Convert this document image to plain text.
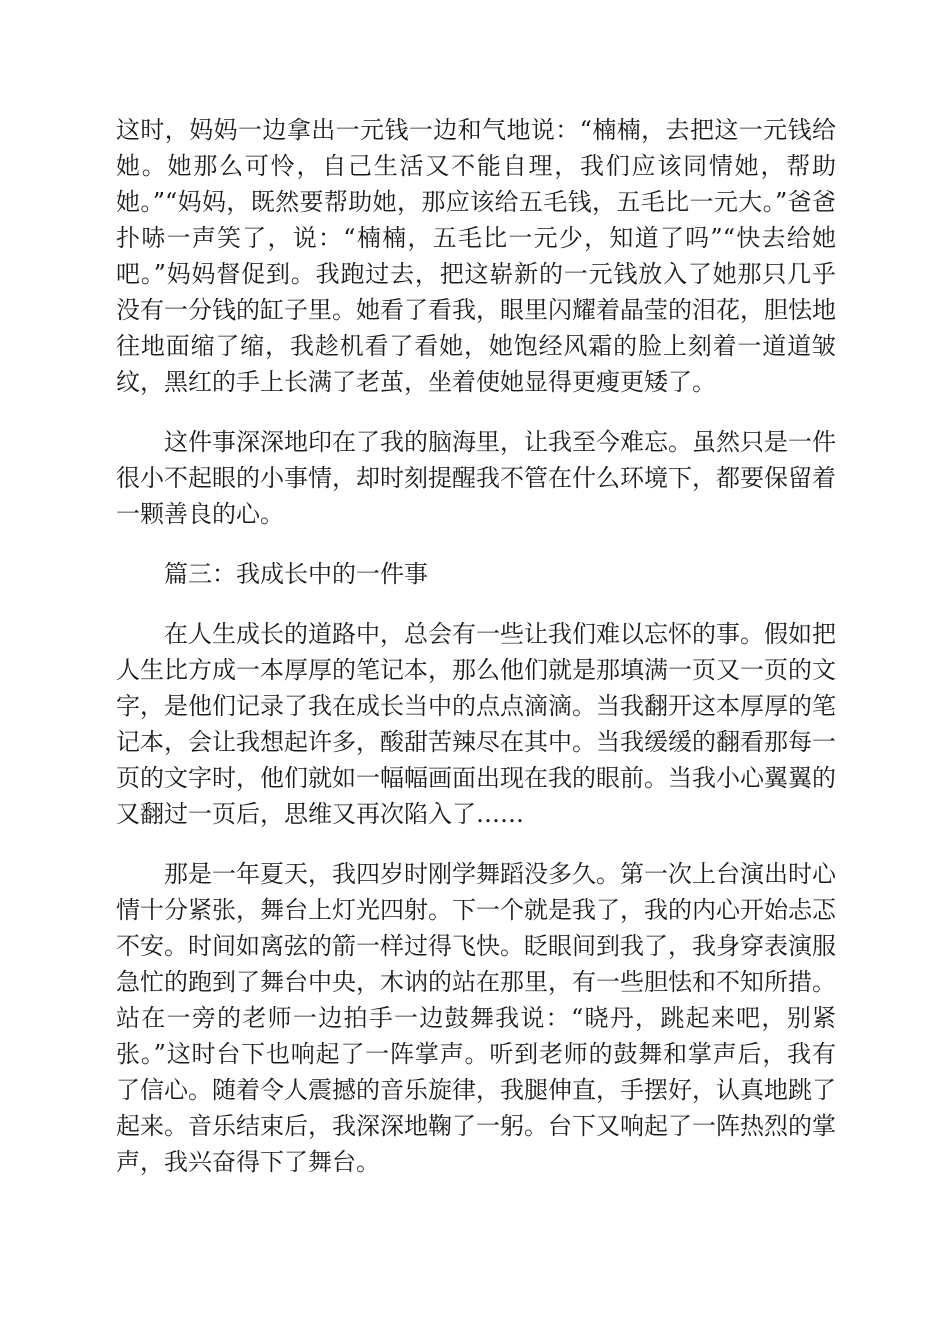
这时，妈妈一边拿出一元钱一边和气地说：“楠楠，去把这一元钱给她。她那么可怜，自己生活又不能自理，我们应该同情她，帮助她。”“妈妈，既然要帮助她，那应该给五毛钱，五毛比一元大。”爸爸扑哧一声笑了，说：“楠楠，五毛比一元少，知道了吗”“快去给她吧。”妈妈督促到。我跑过去，把这崭新的一元钱放入了她那只几乎没有一分钱的缸子里。她看了看我，眼里闪耀着晶莹的泪花，胆怯地往地面缩了缩，我趁机看了看她，她饱经风霜的脸上刻着一道道皱纹，黑红的手上长满了老茧，坐着使她显得更瘦更矮了。

这件事深深地印在了我的脑海里，让我至今难忘。虽然只是一件很小不起眼的小事情，却时刻提醒我不管在什么环境下，都要保留着一颗善良的心。

篇三：我成长中的一件事

在人生成长的道路中，总会有一些让我们难以忘怀的事。假如把人生比方成一本厚厚的笔记本，那么他们就是那填满一页又一页的文字，是他们记录了我在成长当中的点点滴滴。当我翻开这本厚厚的笔记本，会让我想起许多，酸甜苦辣尽在其中。当我缓缓的翻看那每一页的文字时，他们就如一幅幅画面出现在我的眼前。当我小心翼翼的又翻过一页后，思维又再次陷入了……

那是一年夏天，我四岁时刚学舞蹈没多久。第一次上台演出时心情十分紧张，舞台上灯光四射。下一个就是我了，我的内心开始忐忑不安。时间如离弦的箭一样过得飞快。眨眼间到我了，我身穿表演服急忙的跑到了舞台中央，木讷的站在那里，有一些胆怯和不知所措。站在一旁的老师一边拍手一边鼓舞我说：“晓丹，跳起来吧，别紧张。”这时台下也响起了一阵掌声。听到老师的鼓舞和掌声后，我有了信心。随着令人震撼的音乐旋律，我腿伸直，手摆好，认真地跳了起来。音乐结束后，我深深地鞠了一躬。台下又响起了一阵热烈的掌声，我兴奋得下了舞台。
